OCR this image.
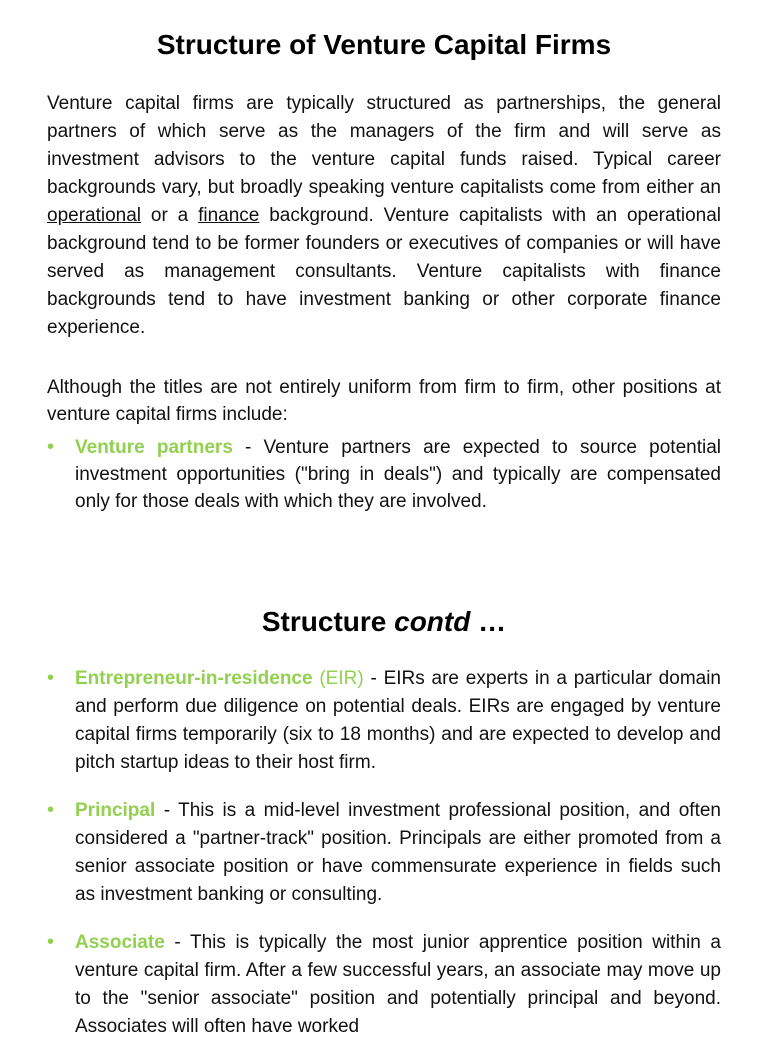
Structure of Venture Capital Firms

Venture capital firms are typically structured as partnerships, the general partners of which serve as the managers of the firm and will serve as investment advisors to the venture capital funds raised. Typical career backgrounds vary, but broadly speaking venture capitalists come from either an operational or a finance background. Venture capitalists with an operational background tend to be former founders or executives of companies or will have served as management consultants. Venture capitalists with finance backgrounds tend to have investment banking or other corporate finance experience.

Although the titles are not entirely uniform from firm to firm, other positions at venture capital firms include:

• Venture partners - Venture partners are expected to source potential investment opportunities ("bring in deals") and typically are compensated only for those deals with which they are involved.
Structure contd …
• Entrepreneur-in-residence (EIR) - EIRs are experts in a particular domain and perform due diligence on potential deals. EIRs are engaged by venture capital firms temporarily (six to 18 months) and are expected to develop and pitch startup ideas to their host firm.
• Principal - This is a mid-level investment professional position, and often considered a "partner-track" position. Principals are either promoted from a senior associate position or have commensurate experience in fields such as investment banking or consulting.
• Associate - This is typically the most junior apprentice position within a venture capital firm. After a few successful years, an associate may move up to the "senior associate" position and potentially principal and beyond. Associates will often have worked
